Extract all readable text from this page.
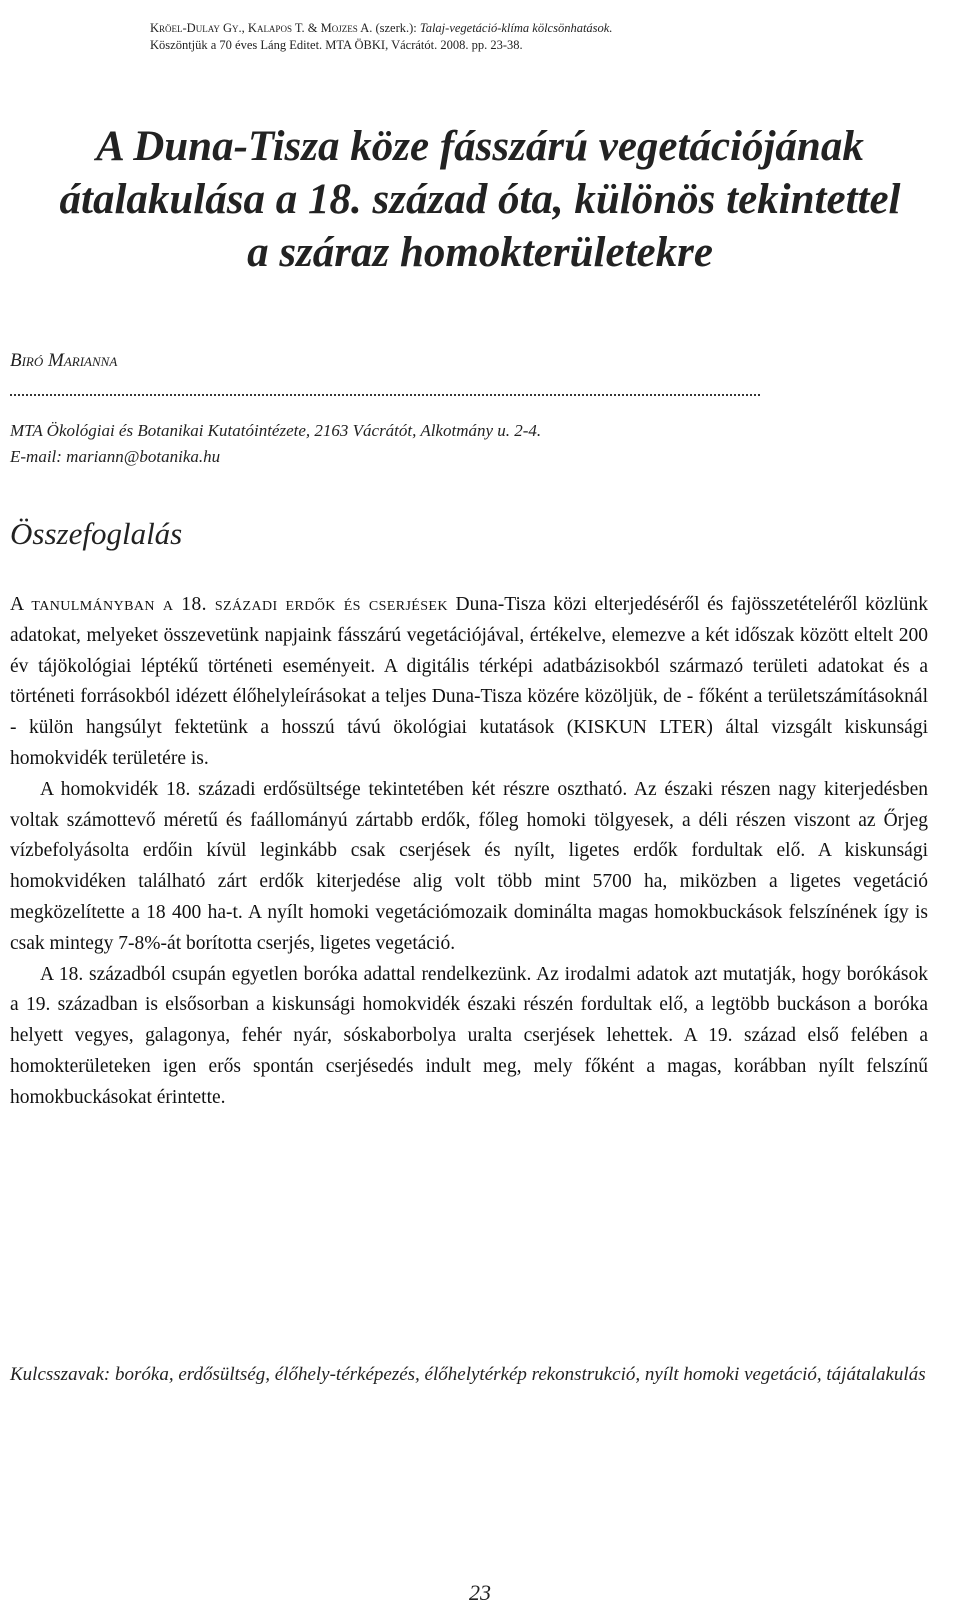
Kröel-Dulay Gy., Kalapos T. & Mojzes A. (szerk.): Talaj-vegetáció-klíma kölcsönhatások.
Köszöntjük a 70 éves Láng Editet. MTA ÖBKI, Vácrátót. 2008. pp. 23-38.
A Duna-Tisza köze fásszárú vegetációjának
átalakulása a 18. század óta, különös tekintettel
a száraz homokterületekre
Biró Marianna
MTA Ökológiai és Botanikai Kutatóintézete, 2163 Vácrátót, Alkotmány u. 2-4.
E-mail: mariann@botanika.hu
Összefoglalás

A tanulmányban a 18. századi erdők és cserjések Duna-Tisza közi elterjedéséről és fajösszetételéről közlünk adatokat, melyeket összevetünk napjaink fásszárú vegetációjával, értékelve, elemezve a két időszak között eltelt 200 év tájökológiai léptékű történeti eseményeit. A digitális térképi adatbázisokból származó területi adatokat és a történeti forrásokból idézett élőhelyleírásokat a teljes Duna-Tisza közére közöljük, de - főként a területszámításoknál - külön hangsúlyt fektetünk a hosszú távú ökológiai kutatások (KISKUN LTER) által vizsgált kiskunsági homokvidék területére is.

A homokvidék 18. századi erdősültsége tekintetében két részre osztható. Az északi részen nagy kiterjedésben voltak számottevő méretű és faállományú zártabb erdők, főleg homoki tölgyesek, a déli részen viszont az Őrjeg vízbefolyásolta erdőin kívül leginkább csak cserjések és nyílt, ligetes erdők fordultak elő. A kiskunsági homokvidéken található zárt erdők kiterjedése alig volt több mint 5700 ha, miközben a ligetes vegetáció megközelítette a 18 400 ha-t. A nyílt homoki vegetációmozaik dominálta magas homokbuckások felszínének így is csak mintegy 7-8%-át borította cserjés, ligetes vegetáció.

A 18. századból csupán egyetlen boróka adattal rendelkezünk. Az irodalmi adatok azt mutatják, hogy borókások a 19. században is elsősorban a kiskunsági homokvidék északi részén fordultak elő, a legtöbb buckáson a boróka helyett vegyes, galagonya, fehér nyár, sóskaborbolya uralta cserjések lehettek. A 19. század első felében a homokterületeken igen erős spontán cserjésedés indult meg, mely főként a magas, korábban nyílt felszínű homokbuckásokat érintette.

Kulcsszavak: boróka, erdősültség, élőhely-térképezés, élőhelytérkép rekonstrukció, nyílt homoki vegetáció, tájátalakulás
23
